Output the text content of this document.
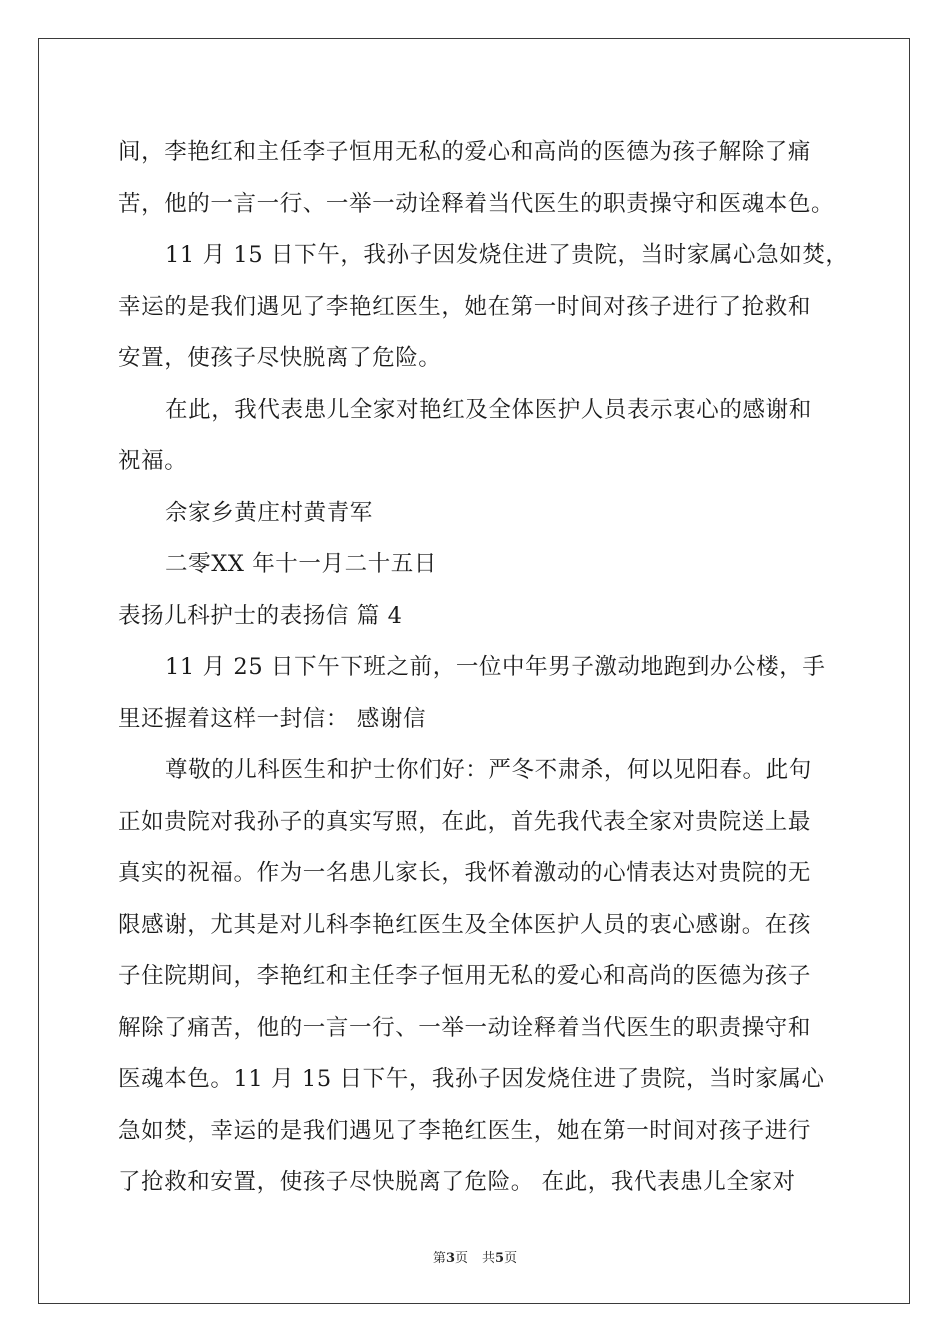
间，李艳红和主任李子恒用无私的爱心和高尚的医德为孩子解除了痛
苦，他的一言一行、一举一动诠释着当代医生的职责操守和医魂本色。
11 月 15 日下午，我孙子因发烧住进了贵院，当时家属心急如焚，
幸运的是我们遇见了李艳红医生，她在第一时间对孩子进行了抢救和
安置，使孩子尽快脱离了危险。
在此，我代表患儿全家对艳红及全体医护人员表示衷心的感谢和
祝福。
佘家乡黄庄村黄青军
二零XX 年十一月二十五日
表扬儿科护士的表扬信 篇 4
11 月 25 日下午下班之前，一位中年男子激动地跑到办公楼，手
里还握着这样一封信： 感谢信
尊敬的儿科医生和护士你们好：严冬不肃杀，何以见阳春。此句
正如贵院对我孙子的真实写照，在此，首先我代表全家对贵院送上最
真实的祝福。作为一名患儿家长，我怀着激动的心情表达对贵院的无
限感谢，尤其是对儿科李艳红医生及全体医护人员的衷心感谢。在孩
子住院期间，李艳红和主任李子恒用无私的爱心和高尚的医德为孩子
解除了痛苦，他的一言一行、一举一动诠释着当代医生的职责操守和
医魂本色。11 月 15 日下午，我孙子因发烧住进了贵院，当时家属心
急如焚，幸运的是我们遇见了李艳红医生，她在第一时间对孩子进行
了抢救和安置，使孩子尽快脱离了危险。 在此，我代表患儿全家对
第3页 共5页
